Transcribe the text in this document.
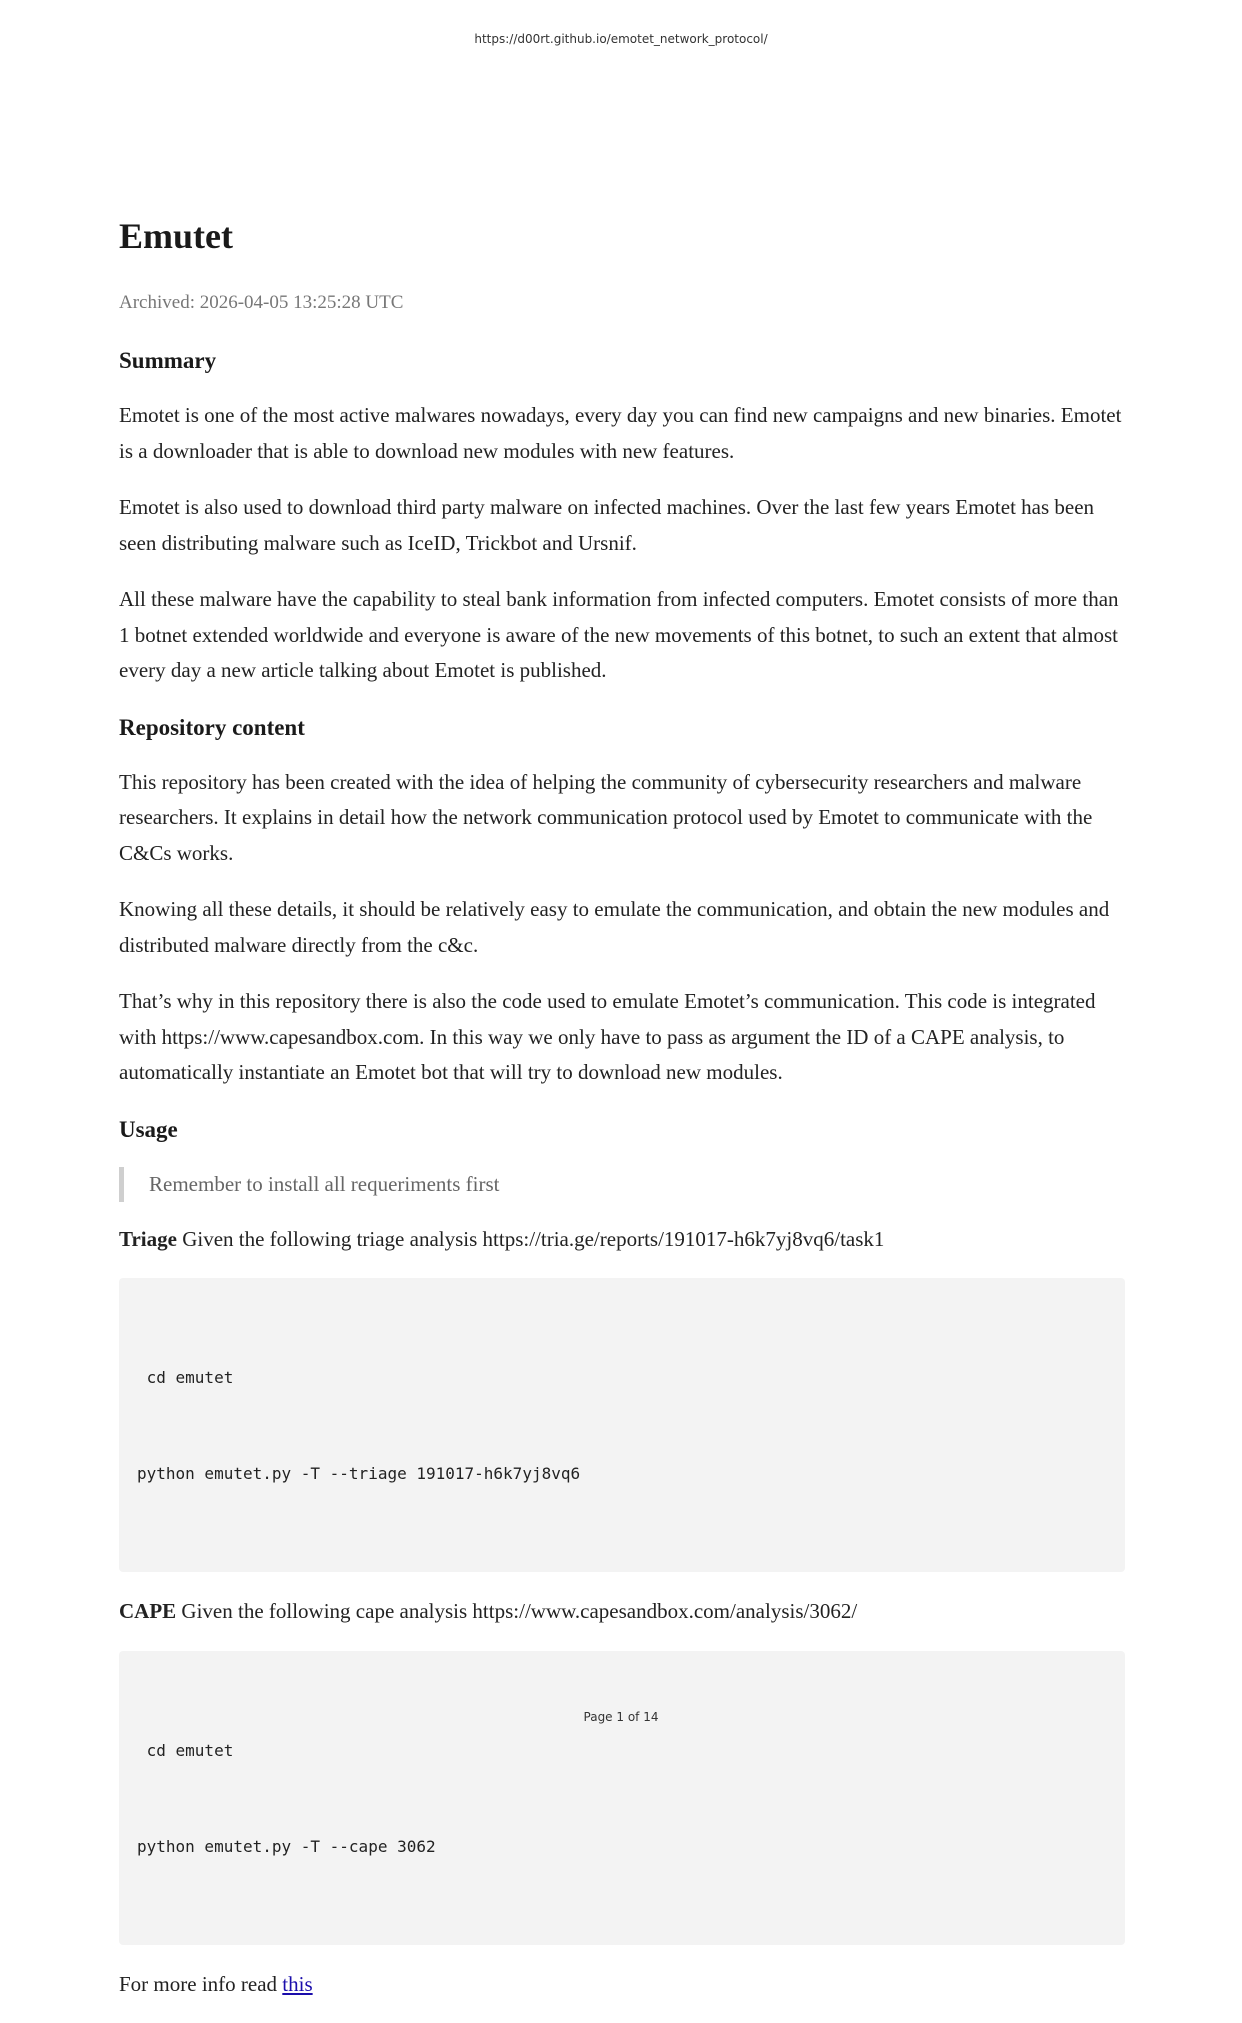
https://d00rt.github.io/emotet_network_protocol/
Emutet
Archived: 2026-04-05 13:25:28 UTC
Summary

Emotet is one of the most active malwares nowadays, every day you can find new campaigns and new binaries. Emotet is a downloader that is able to download new modules with new features.

Emotet is also used to download third party malware on infected machines. Over the last few years Emotet has been seen distributing malware such as IceID, Trickbot and Ursnif.

All these malware have the capability to steal bank information from infected computers. Emotet consists of more than 1 botnet extended worldwide and everyone is aware of the new movements of this botnet, to such an extent that almost every day a new article talking about Emotet is published.

Repository content

This repository has been created with the idea of helping the community of cybersecurity researchers and malware researchers. It explains in detail how the network communication protocol used by Emotet to communicate with the C&Cs works.

Knowing all these details, it should be relatively easy to emulate the communication, and obtain the new modules and distributed malware directly from the c&c.

That’s why in this repository there is also the code used to emulate Emotet’s communication. This code is integrated with https://www.capesandbox.com. In this way we only have to pass as argument the ID of a CAPE analysis, to automatically instantiate an Emotet bot that will try to download new modules.

Usage
Remember to install all requeriments first

Triage Given the following triage analysis https://tria.ge/reports/191017-h6k7yj8vq6/task1

cd emutet

python emutet.py -T --triage 191017-h6k7yj8vq6

CAPE Given the following cape analysis https://www.capesandbox.com/analysis/3062/

cd emutet

python emutet.py -T --cape 3062

For more info read this

Page 1 of 14
